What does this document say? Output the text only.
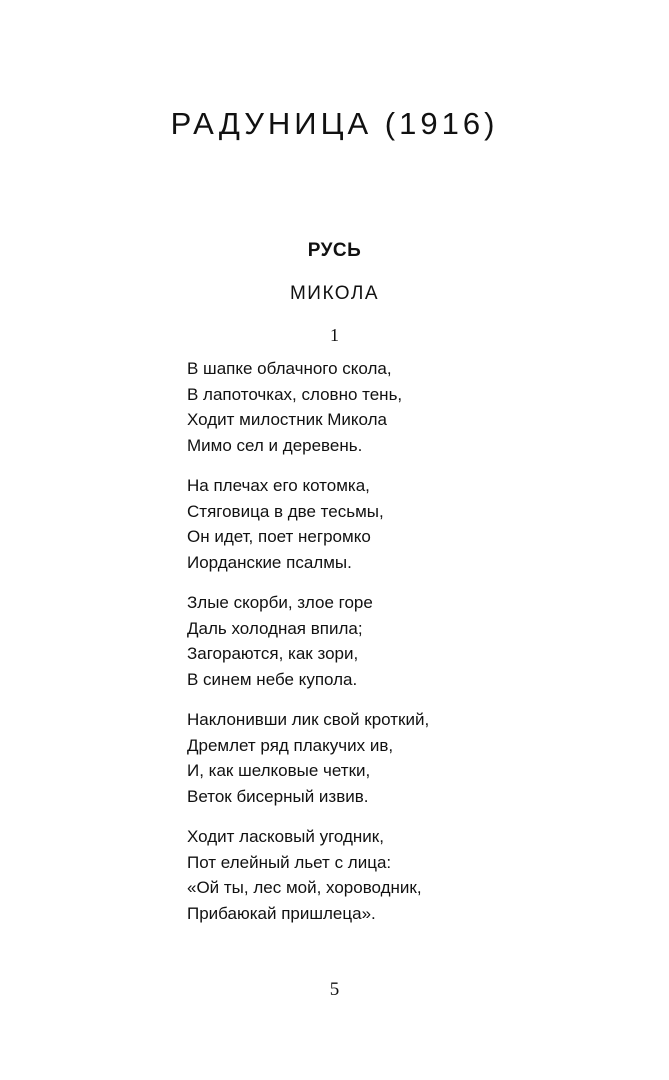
РАДУНИЦА (1916)
РУСЬ
МИКОЛА
1
В шапке облачного скола,
В лапоточках, словно тень,
Ходит милостник Микола
Мимо сел и деревень.
На плечах его котомка,
Стяговица в две тесьмы,
Он идет, поет негромко
Иорданские псалмы.
Злые скорби, злое горе
Даль холодная впила;
Загораются, как зори,
В синем небе купола.
Наклонивши лик свой кроткий,
Дремлет ряд плакучих ив,
И, как шелковые четки,
Веток бисерный извив.
Ходит ласковый угодник,
Пот елейный льет с лица:
«Ой ты, лес мой, хороводник,
Прибаюкай пришлеца».
5
